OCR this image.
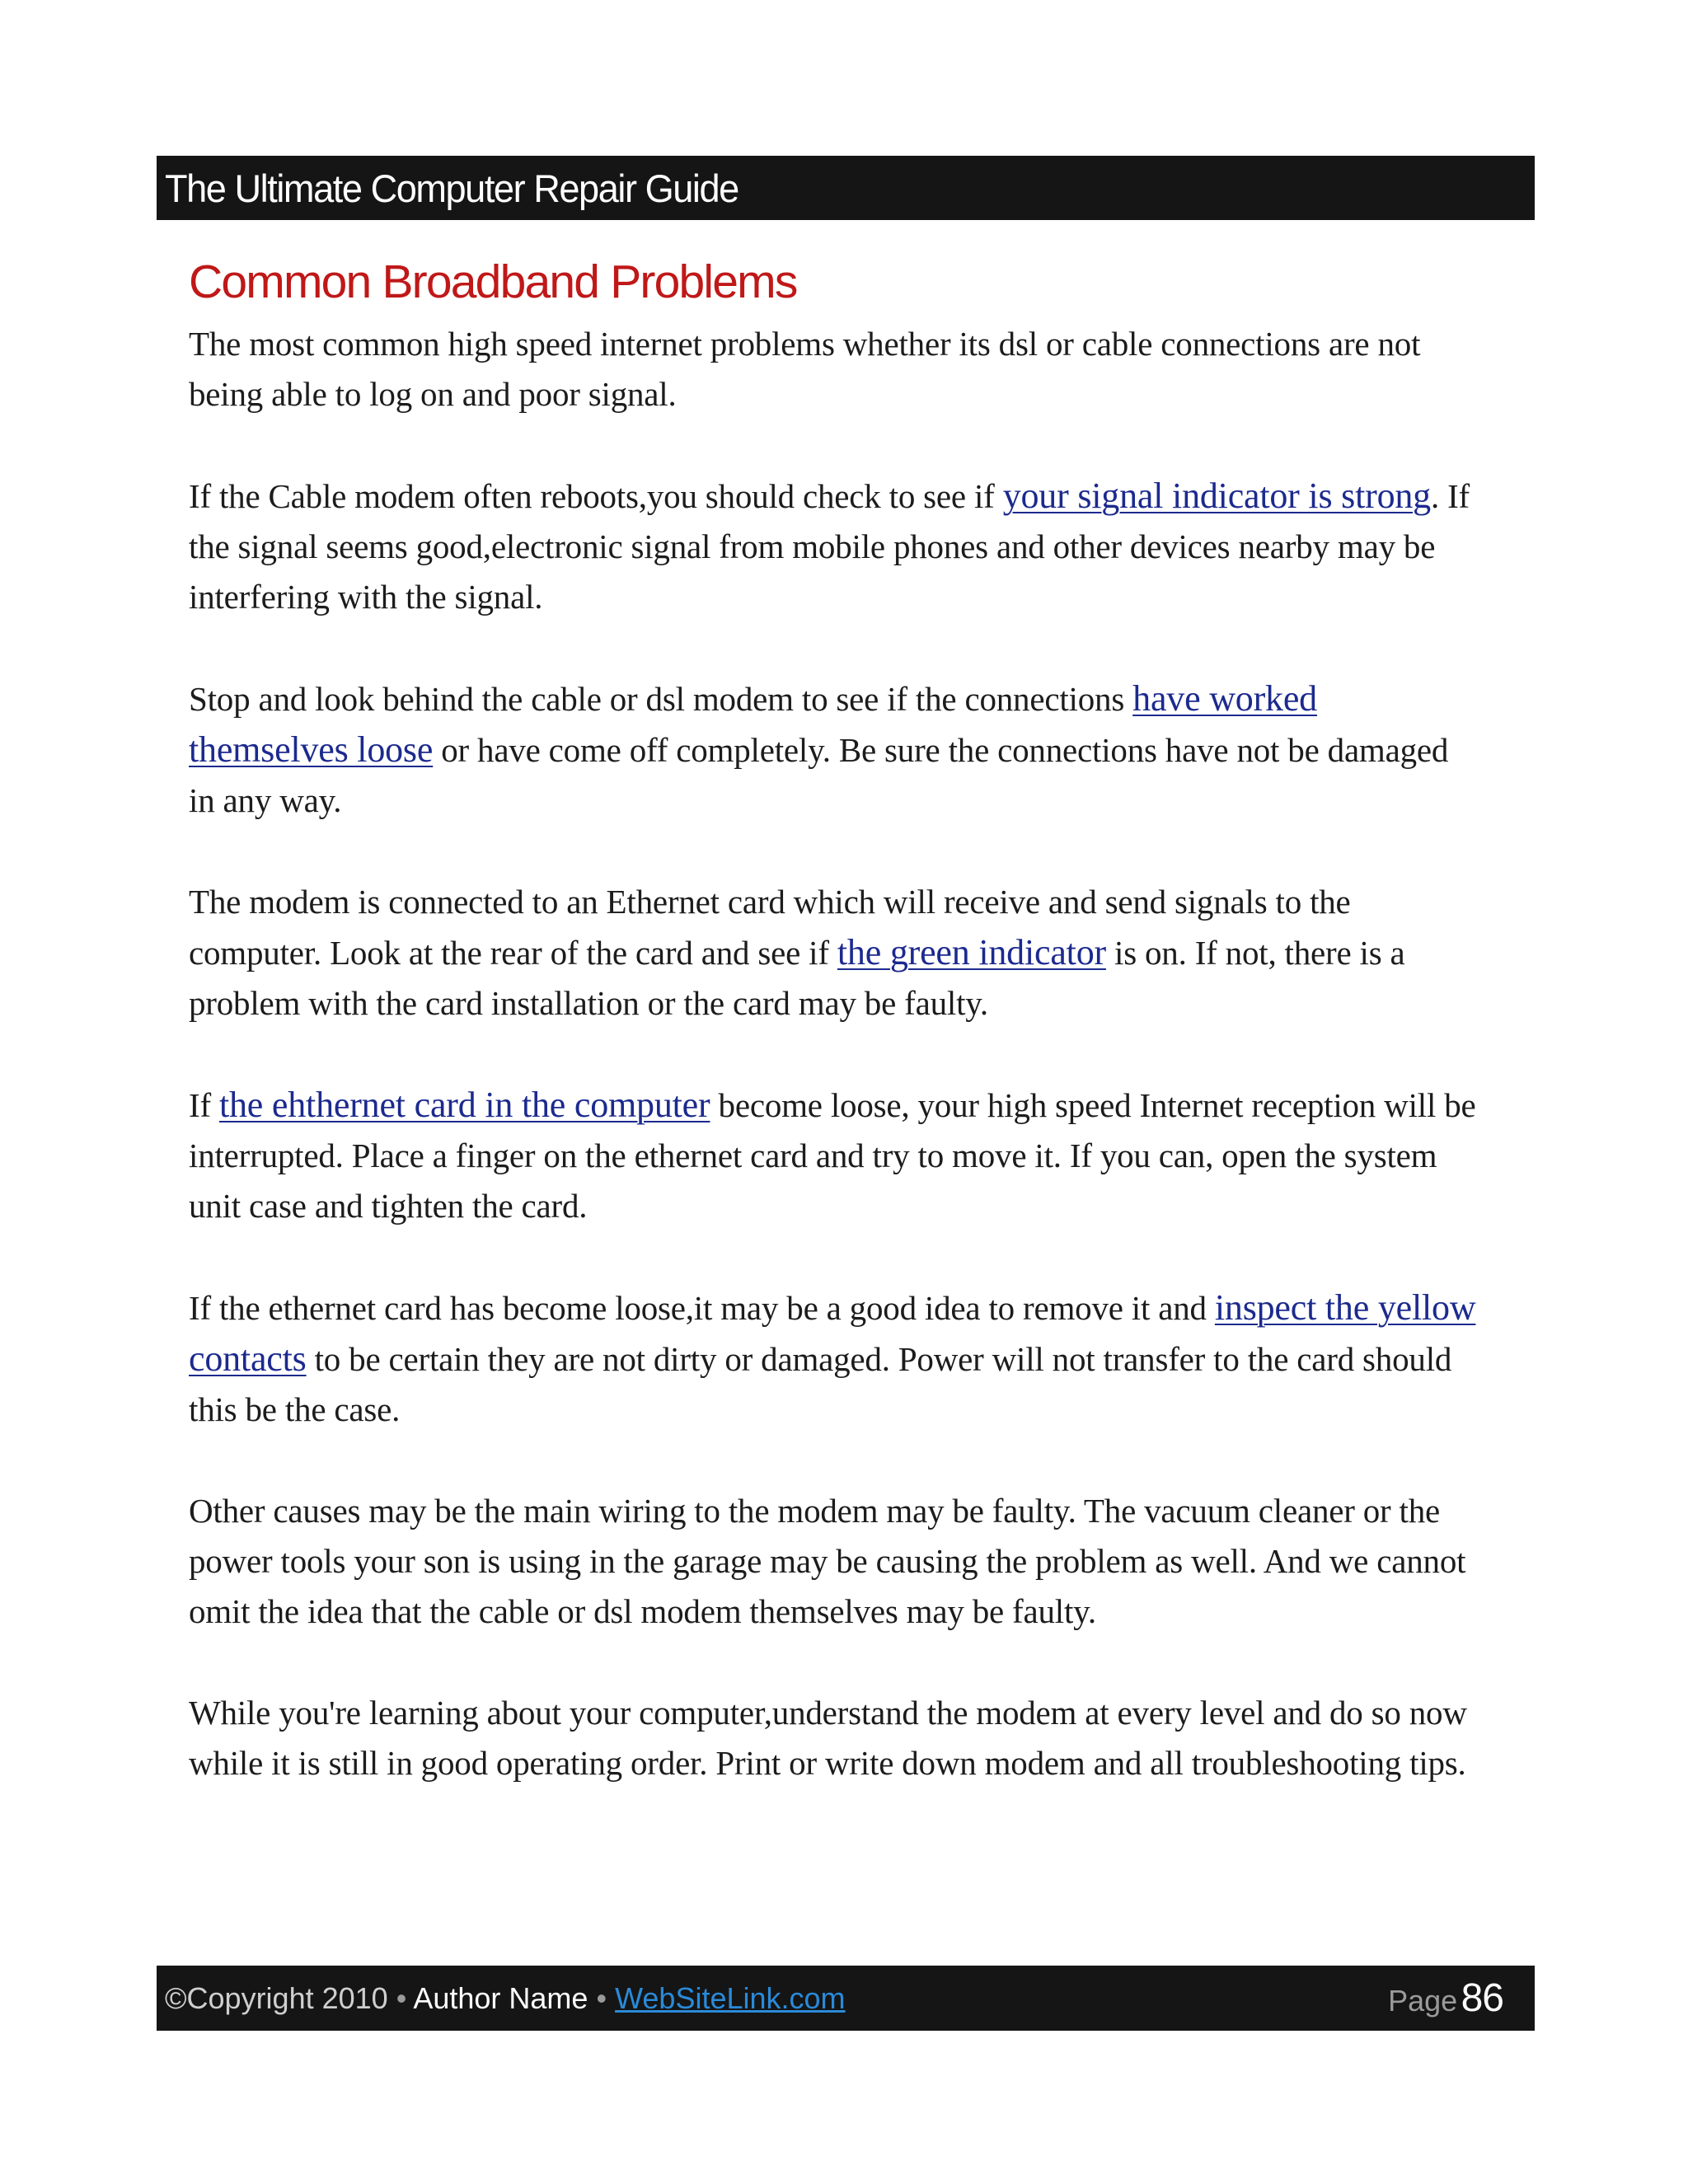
The Ultimate Computer Repair Guide
Common Broadband Problems

The most common high speed internet problems whether its dsl or cable connections are not being able to log on and poor signal.

If the Cable modem often reboots,you should check to see if your signal indicator is strong. If the signal seems good,electronic signal from mobile phones and other devices nearby may be interfering with the signal.

Stop and look behind the cable or dsl modem to see if the connections have worked themselves loose or have come off completely. Be sure the connections have not be damaged in any way.

The modem is connected to an Ethernet card which will receive and send signals to the computer. Look at the rear of the card and see if the green indicator is on. If not, there is a problem with the card installation or the card may be faulty.

If the ehthernet card in the computer become loose, your high speed Internet reception will be interrupted. Place a finger on the ethernet card and try to move it. If you can, open the system unit case and tighten the card.

If the ethernet card has become loose,it may be a good idea to remove it and inspect the yellow contacts to be certain they are not dirty or damaged. Power will not transfer to the card should this be the case.

Other causes may be the main wiring to the modem may be faulty. The vacuum cleaner or the power tools your son is using in the garage may be causing the problem as well. And we cannot omit the idea that the cable or dsl modem themselves may be faulty.

While you're learning about your computer,understand the modem at every level and do so now while it is still in good operating order. Print or write down modem and all troubleshooting tips.

©Copyright 2010 • Author Name • WebSiteLink.com	Page 86
